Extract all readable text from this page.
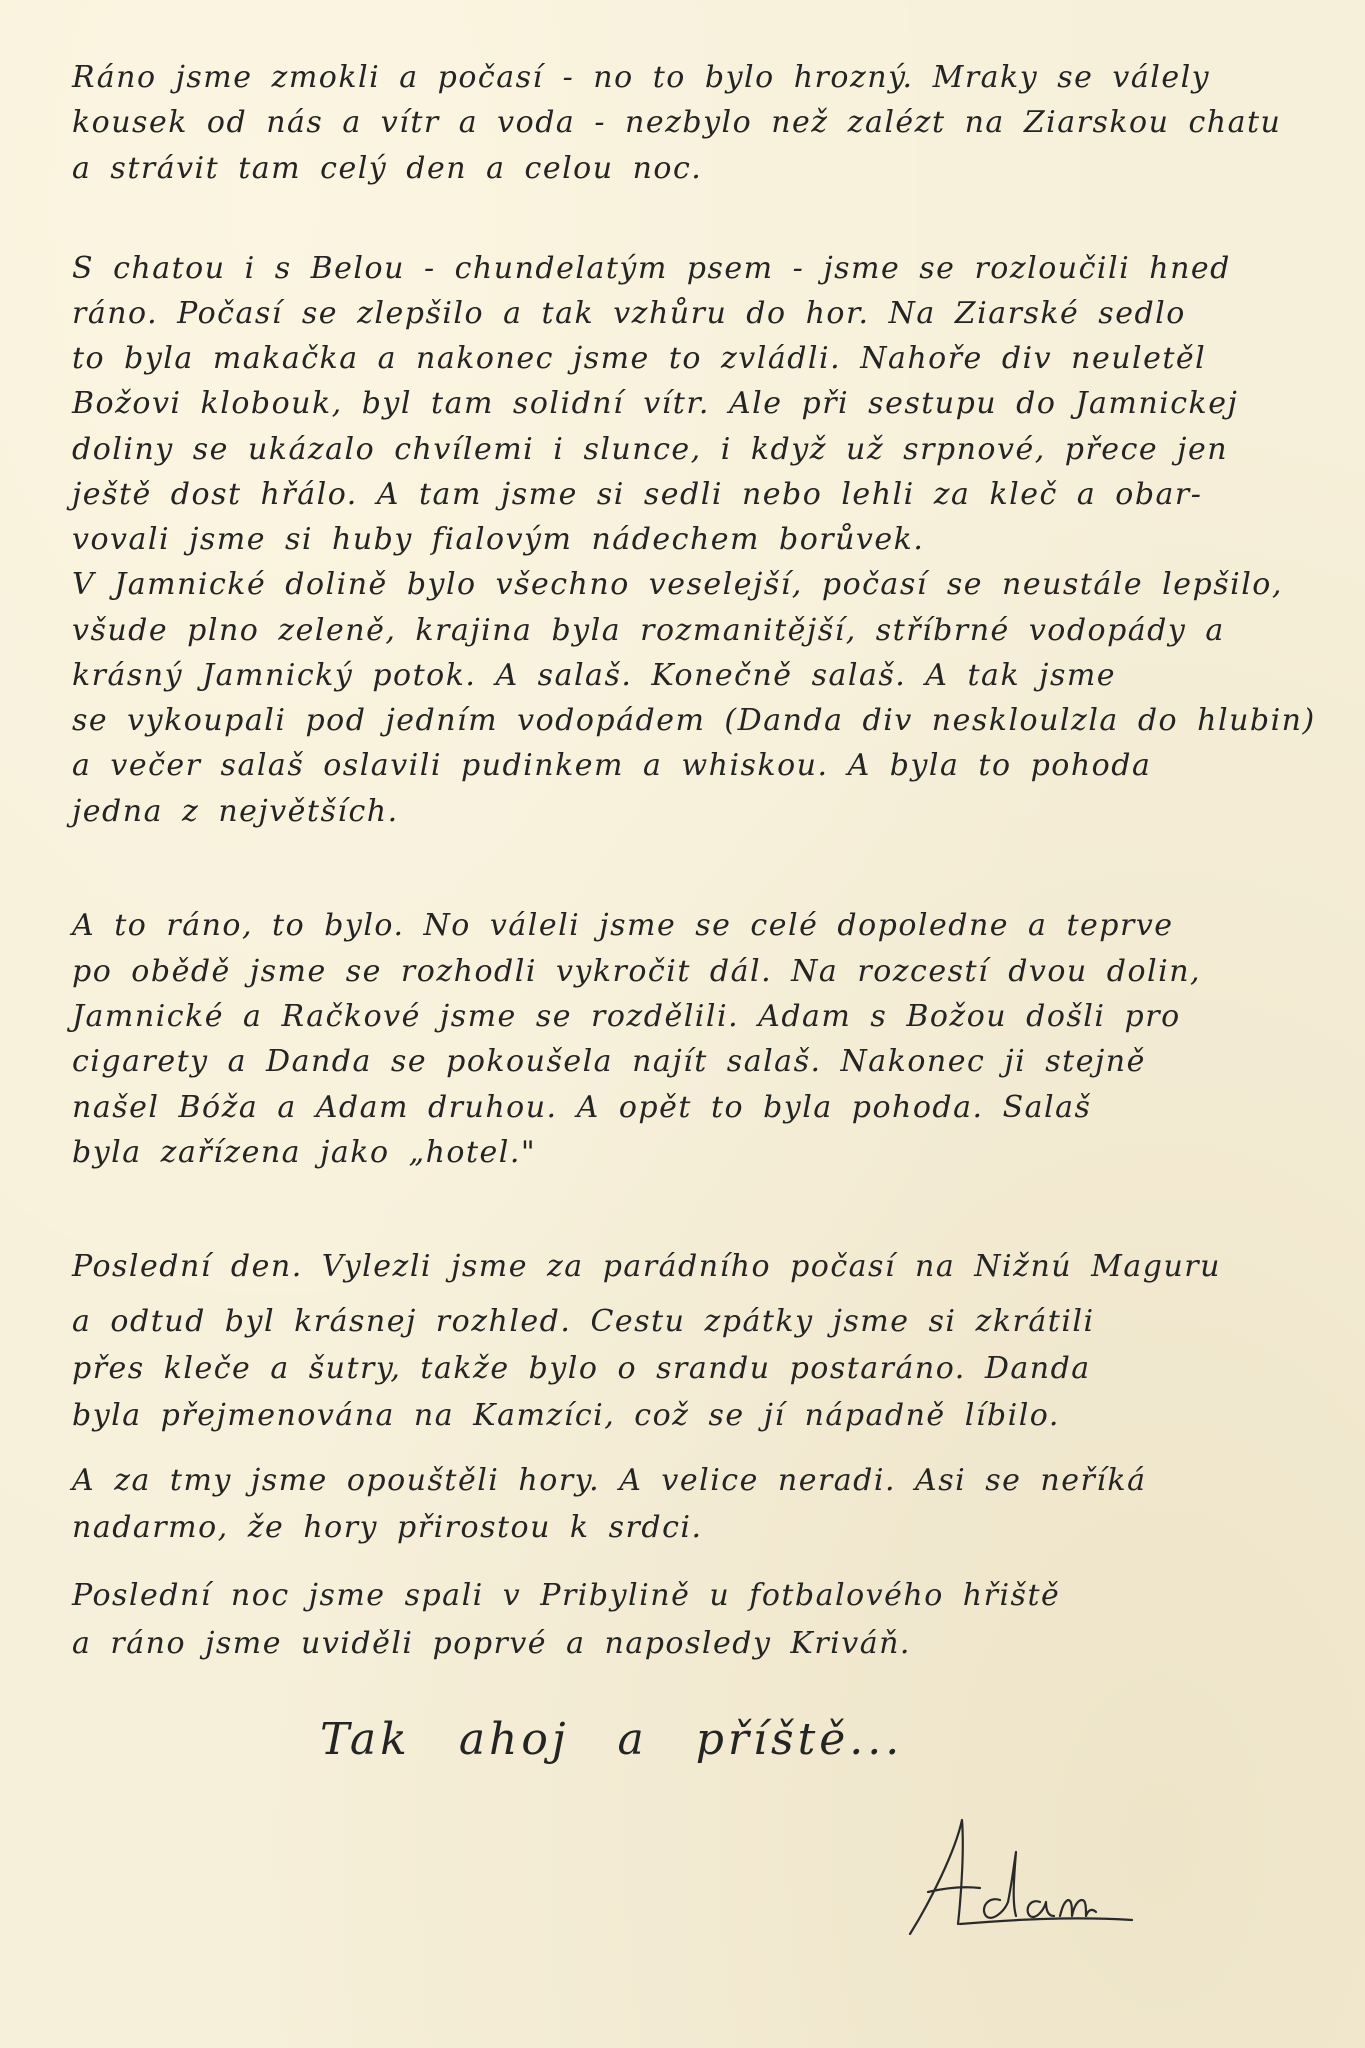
Ráno jsme zmokli a počasí - no to bylo hrozný. Mraky se válely

kousek od nás a vítr a voda - nezbylo než zalézt na Ziarskou chatu

a strávit tam celý den a celou noc.

S chatou i s Belou - chundelatým psem - jsme se rozloučili hned

ráno. Počasí se zlepšilo a tak vzhůru do hor. Na Ziarské sedlo

to byla makačka a nakonec jsme to zvládli. Nahoře div neuletěl

Božovi klobouk, byl tam solidní vítr. Ale při sestupu do Jamnickej

doliny se ukázalo chvílemi i slunce, i když už srpnové, přece jen

ještě dost hřálo. A tam jsme si sedli nebo lehli za kleč a obar-

vovali jsme si huby fialovým nádechem borůvek.

V Jamnické dolině bylo všechno veselejší, počasí se neustále lepšilo,

všude plno zeleně, krajina byla rozmanitější, stříbrné vodopády a

krásný Jamnický potok. A salaš. Konečně salaš. A tak jsme

se vykoupali pod jedním vodopádem (Danda div neskloulzla do hlubin)

a večer salaš oslavili pudinkem a whiskou. A byla to pohoda

jedna z největších.

A to ráno, to bylo. No váleli jsme se celé dopoledne a teprve

po obědě jsme se rozhodli vykročit dál. Na rozcestí dvou dolin,

Jamnické a Račkové jsme se rozdělili. Adam s Božou došli pro

cigarety a Danda se pokoušela najít salaš. Nakonec ji stejně

našel Bóža a Adam druhou. A opět to byla pohoda. Salaš

byla zařízena jako „hotel."

Poslední den. Vylezli jsme za parádního počasí na Nižnú Maguru

a odtud byl krásnej rozhled. Cestu zpátky jsme si zkrátili

přes kleče a šutry, takže bylo o srandu postaráno. Danda

byla přejmenována na Kamzíci, což se jí nápadně líbilo.

A za tmy jsme opouštěli hory. A velice neradi. Asi se neříká

nadarmo, že hory přirostou k srdci.

Poslední noc jsme spali v Pribylině u fotbalového hřiště

a ráno jsme uviděli poprvé a naposledy Kriváň.

Tak ahoj a příště...
